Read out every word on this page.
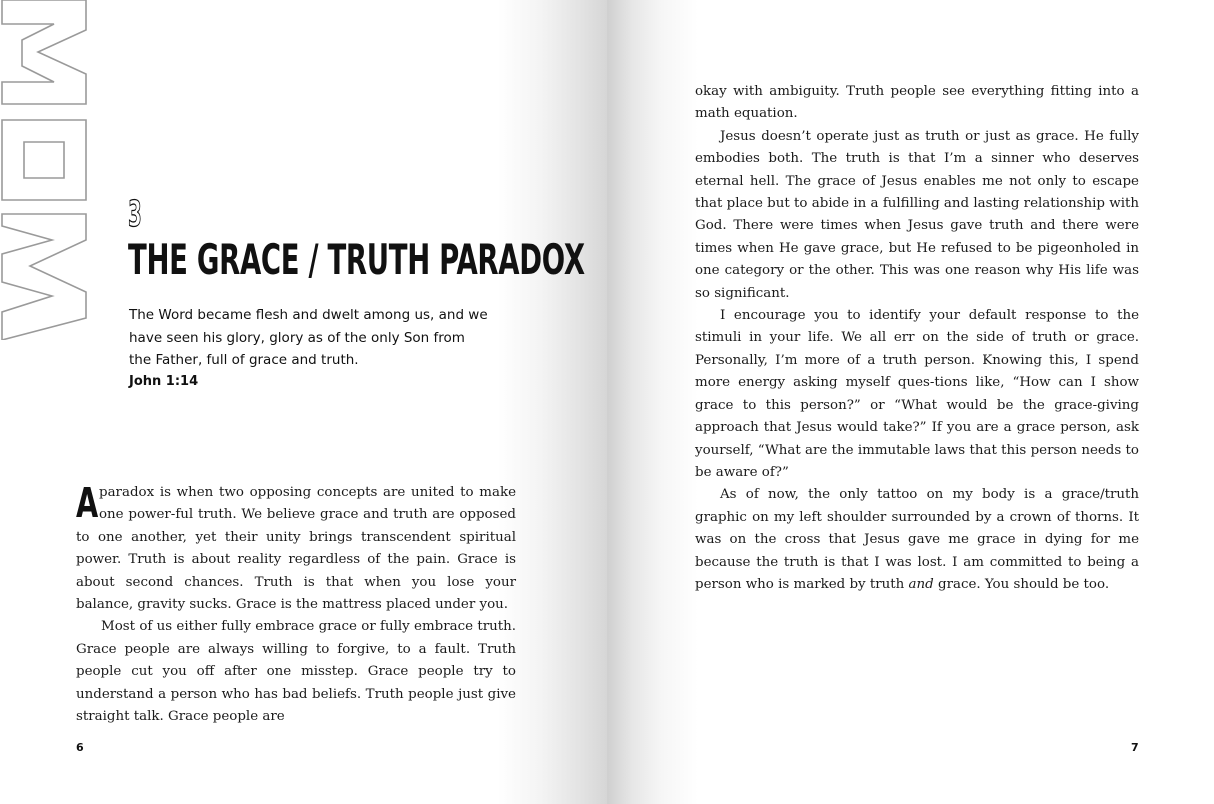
3

THE GRACE / TRUTH PARADOX

The Word became flesh and dwelt among us, and we have seen his glory, glory as of the only Son from the Father, full of grace and truth.

John 1:14

Aparadox is when two opposing concepts are united to make one power-ful truth. We believe grace and truth are opposed to one another, yet their unity brings transcendent spiritual power. Truth is about reality regardless of the pain. Grace is about second chances. Truth is that when you lose your balance, gravity sucks. Grace is the mattress placed under you.

Most of us either fully embrace grace or fully embrace truth. Grace people are always willing to forgive, to a fault. Truth people cut you off after one misstep. Grace people try to understand a person who has bad beliefs. Truth people just give straight talk. Grace people are

6

okay with ambiguity. Truth people see everything fitting into a math equation.

Jesus doesn’t operate just as truth or just as grace. He fully embodies both. The truth is that I’m a sinner who deserves eternal hell. The grace of Jesus enables me not only to escape that place but to abide in a fulfilling and lasting relationship with God. There were times when Jesus gave truth and there were times when He gave grace, but He refused to be pigeonholed in one category or the other. This was one reason why His life was so significant.

I encourage you to identify your default response to the stimuli in your life. We all err on the side of truth or grace. Personally, I’m more of a truth person. Knowing this, I spend more energy asking myself ques-tions like, “How can I show grace to this person?” or “What would be the grace-giving approach that Jesus would take?” If you are a grace person, ask yourself, “What are the immutable laws that this person needs to be aware of?”

As of now, the only tattoo on my body is a grace/truth graphic on my left shoulder surrounded by a crown of thorns. It was on the cross that Jesus gave me grace in dying for me because the truth is that I was lost. I am committed to being a person who is marked by truth and grace. You should be too.

7
